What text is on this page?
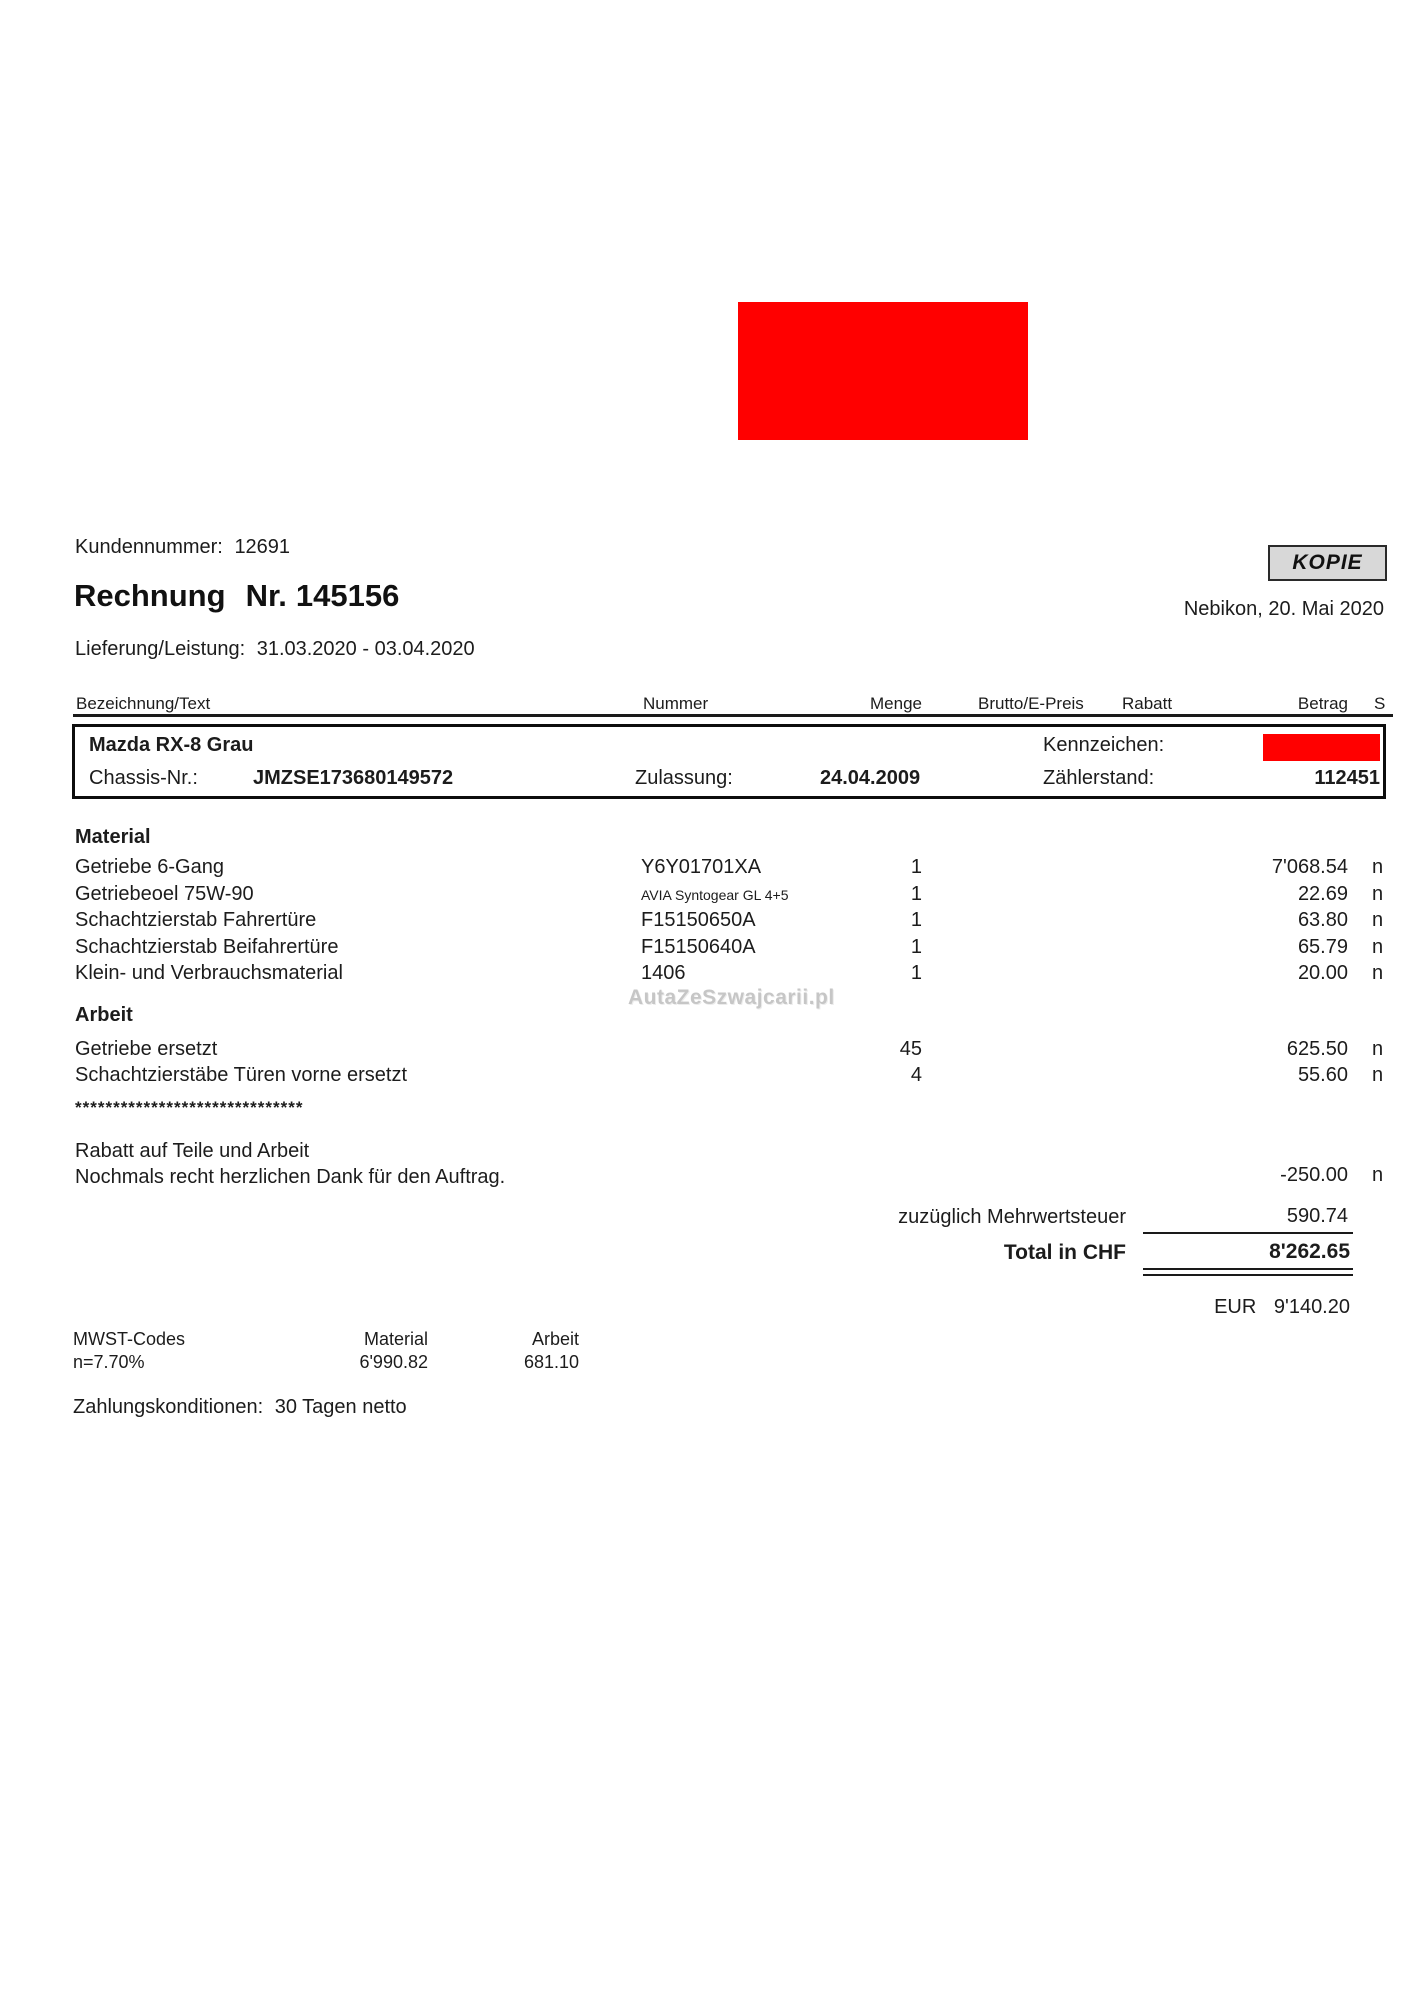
Kundennummer: 12691
KOPIE
Rechnung Nr. 145156	Nebikon, 20. Mai 2020
Lieferung/Leistung: 31.03.2020 - 03.04.2020
Bezeichnung/Text	Nummer	Menge	Brutto/E-Preis Rabatt	Betrag S
Mazda RX-8 Grau	Kennzeichen:
Chassis-Nr.:	JMZSE173680149572	Zulassung:	24.04.2009	Zählerstand:	112451
Material
Getriebe 6-Gang	Y6Y01701XA	1	7'068.54 n
Getriebeoel 75W-90	AVIA Syntogear GL 4+5	1	22.69 n
Schachtzierstab Fahrertüre	F15150650A	1	63.80 n
Schachtzierstab Beifahrertüre	F15150640A	1	65.79 n
Klein- und Verbrauchsmaterial	1406	1	20.00 n
AutaZeSzwajcarii.pl
Arbeit
Getriebe ersetzt	45	625.50 n
Schachtzierstäbe Türen vorne ersetzt	4	55.60 n
******************************
Rabatt auf Teile und Arbeit
Nochmals recht herzlichen Dank für den Auftrag.	-250.00 n
zuzüglich Mehrwertsteuer	590.74
Total in CHF	8'262.65
EUR 9'140.20
MWST-Codes	Material	Arbeit
n=7.70%	6'990.82	681.10
Zahlungskonditionen: 30 Tagen netto
